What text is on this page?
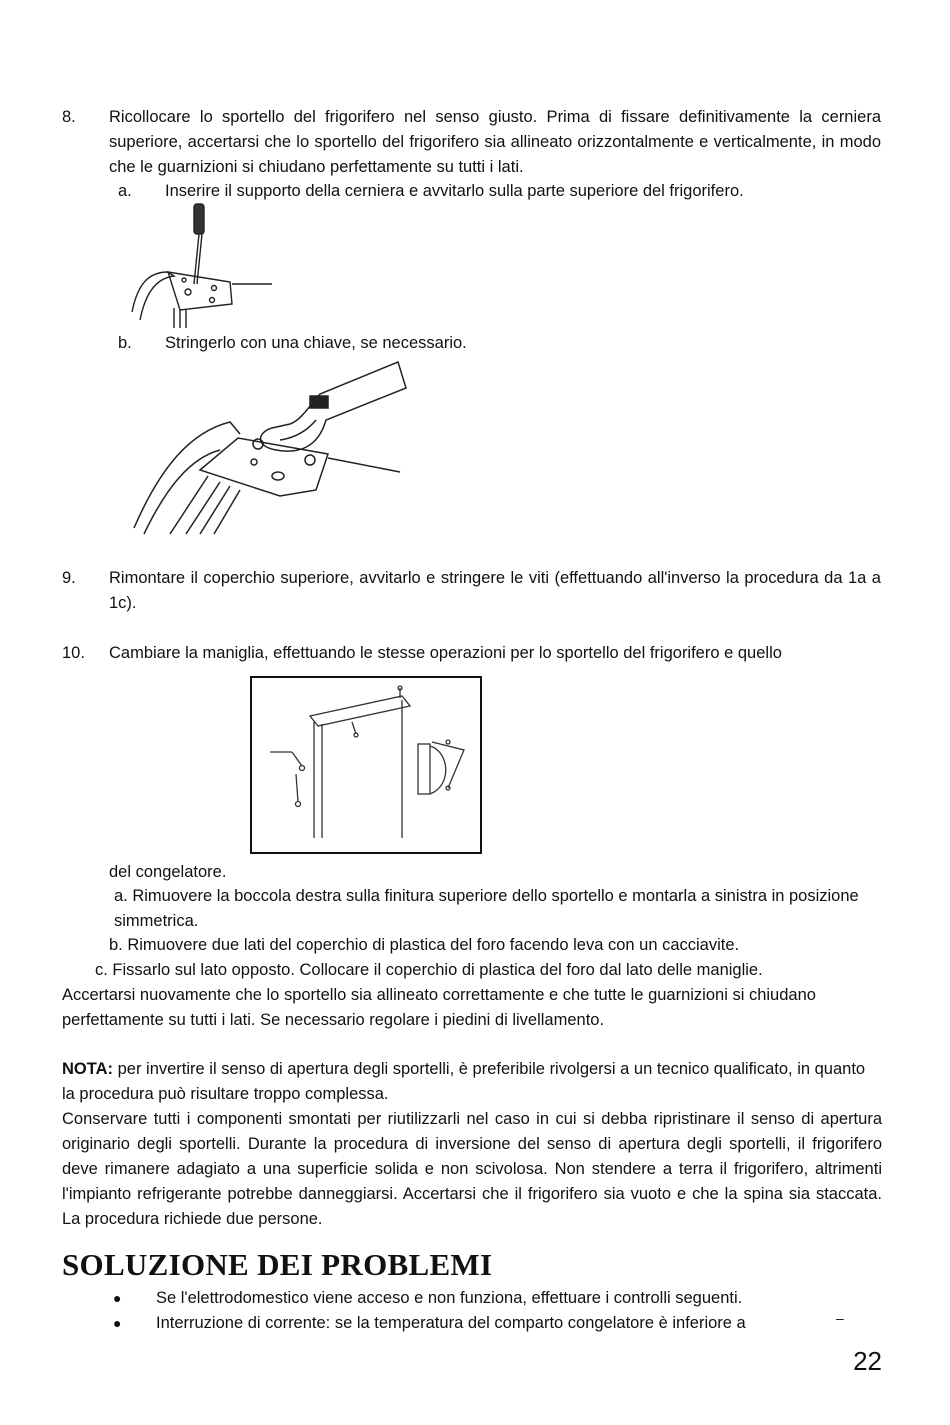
8. Ricollocare lo sportello del frigorifero nel senso giusto. Prima di fissare definitivamente la cerniera superiore, accertarsi che lo sportello del frigorifero sia allineato orizzontalmente e verticalmente, in modo che le guarnizioni si chiudano perfettamente su tutti i lati.
a. Inserire il supporto della cerniera e avvitarlo sulla parte superiore del frigorifero.
b. Stringerlo con una chiave, se necessario.
9. Rimontare il coperchio superiore, avvitarlo e stringere le viti (effettuando all'inverso la procedura da 1a a 1c).
10. Cambiare la maniglia, effettuando le stesse operazioni per lo sportello del frigorifero e quello
del congelatore.
a. Rimuovere la boccola destra sulla finitura superiore dello sportello e montarla a sinistra in posizione simmetrica.
b. Rimuovere due lati del coperchio di plastica del foro facendo leva con un cacciavite.
c. Fissarlo sul lato opposto. Collocare il coperchio di plastica del foro dal lato delle maniglie.
Accertarsi nuovamente che lo sportello sia allineato correttamente e che tutte le guarnizioni si chiudano perfettamente su tutti i lati. Se necessario regolare i piedini di livellamento.
NOTA: per invertire il senso di apertura degli sportelli, è preferibile rivolgersi a un tecnico qualificato, in quanto la procedura può risultare troppo complessa.
Conservare tutti i componenti smontati per riutilizzarli nel caso in cui si debba ripristinare il senso di apertura originario degli sportelli. Durante la procedura di inversione del senso di apertura degli sportelli, il frigorifero deve rimanere adagiato a una superficie solida e non scivolosa. Non stendere a terra il frigorifero, altrimenti l'impianto refrigerante potrebbe danneggiarsi. Accertarsi che il frigorifero sia vuoto e che la spina sia staccata. La procedura richiede due persone.
SOLUZIONE DEI PROBLEMI
● Se l'elettrodomestico viene acceso e non funziona, effettuare i controlli seguenti.
● Interruzione di corrente: se la temperatura del comparto congelatore è inferiore a	–
22
